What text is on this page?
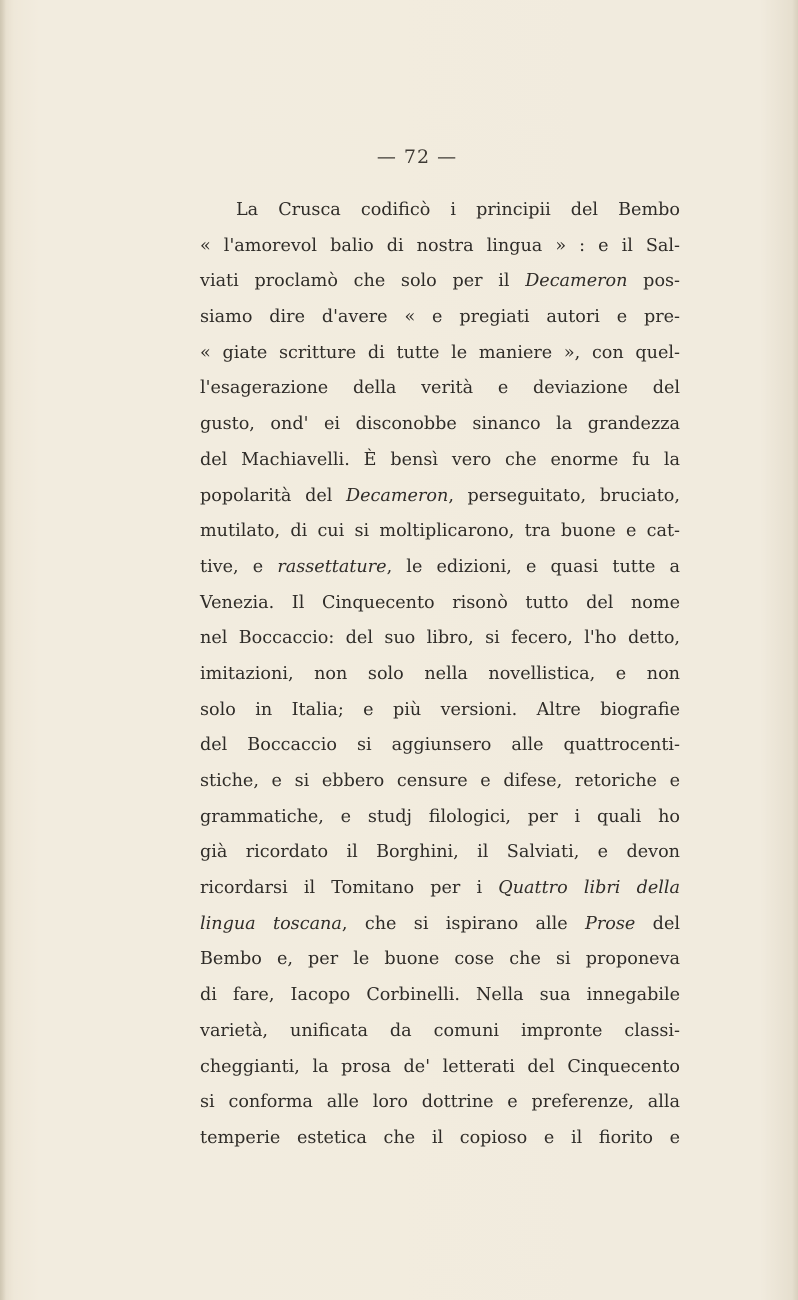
— 72 —
La Crusca codificò i principii del Bembo
« l'amorevol balio di nostra lingua » : e il Sal-
viati proclamò che solo per il Decameron pos-
siamo dire d'avere « e pregiati autori e pre-
« giate scritture di tutte le maniere », con quel-
l'esagerazione della verità e deviazione del
gusto, ond' ei disconobbe sinanco la grandezza
del Machiavelli. È bensì vero che enorme fu la
popolarità del Decameron, perseguitato, bruciato,
mutilato, di cui si moltiplicarono, tra buone e cat-
tive, e rassettature, le edizioni, e quasi tutte a
Venezia. Il Cinquecento risonò tutto del nome
nel Boccaccio: del suo libro, si fecero, l'ho detto,
imitazioni, non solo nella novellistica, e non
solo in Italia; e più versioni. Altre biografie
del Boccaccio si aggiunsero alle quattrocenti-
stiche, e si ebbero censure e difese, retoriche e
grammatiche, e studj filologici, per i quali ho
già ricordato il Borghini, il Salviati, e devon
ricordarsi il Tomitano per i Quattro libri della
lingua toscana, che si ispirano alle Prose del
Bembo e, per le buone cose che si proponeva
di fare, Iacopo Corbinelli. Nella sua innegabile
varietà, unificata da comuni impronte classi-
cheggianti, la prosa de' letterati del Cinquecento
si conforma alle loro dottrine e preferenze, alla
temperie estetica che il copioso e il fiorito e
